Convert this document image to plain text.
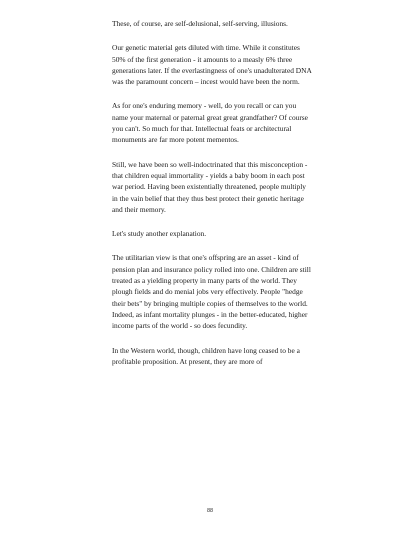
These, of course, are self-delusional, self-serving, illusions.

Our genetic material gets diluted with time. While it constitutes 50% of the first generation - it amounts to a measly 6% three generations later. If the everlastingness of one's unadulterated DNA was the paramount concern – incest would have been the norm.

As for one's enduring memory - well, do you recall or can you name your maternal or paternal great great grandfather? Of course you can't. So much for that. Intellectual feats or architectural monuments are far more potent mementos.

Still, we have been so well-indoctrinated that this misconception - that children equal immortality - yields a baby boom in each post war period. Having been existentially threatened, people multiply in the vain belief that they thus best protect their genetic heritage and their memory.

Let's study another explanation.

The utilitarian view is that one's offspring are an asset - kind of pension plan and insurance policy rolled into one. Children are still treated as a yielding property in many parts of the world. They plough fields and do menial jobs very effectively. People "hedge their bets" by bringing multiple copies of themselves to the world. Indeed, as infant mortality plunges - in the better-educated, higher income parts of the world - so does fecundity.

In the Western world, though, children have long ceased to be a profitable proposition. At present, they are more of

88
